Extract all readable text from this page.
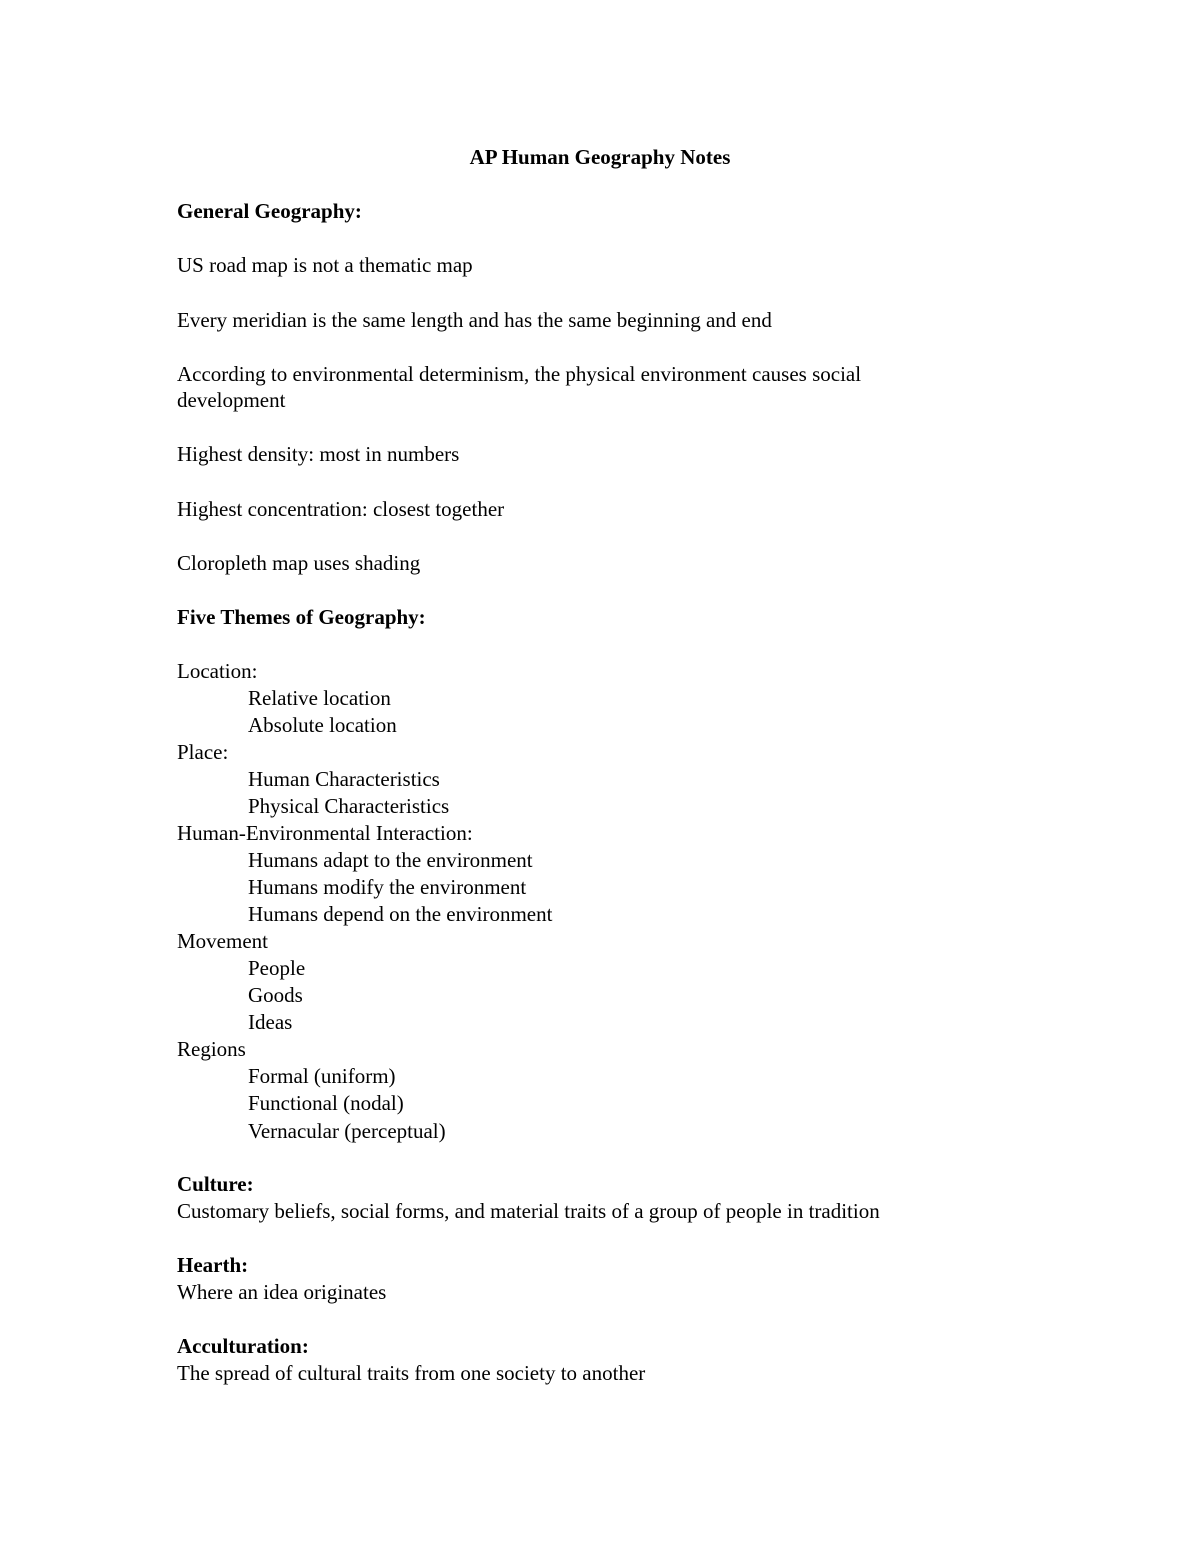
AP Human Geography Notes
General Geography:
US road map is not a thematic map
Every meridian is the same length and has the same beginning and end
According to environmental determinism, the physical environment causes social
development
Highest density: most in numbers
Highest concentration: closest together
Cloropleth map uses shading
Five Themes of Geography:
Location:
Relative location
Absolute location
Place:
Human Characteristics
Physical Characteristics
Human-Environmental Interaction:
Humans adapt to the environment
Humans modify the environment
Humans depend on the environment
Movement
People
Goods
Ideas
Regions
Formal (uniform)
Functional (nodal)
Vernacular (perceptual)
Culture:
Customary beliefs, social forms, and material traits of a group of people in tradition
Hearth:
Where an idea originates
Acculturation:
The spread of cultural traits from one society to another
